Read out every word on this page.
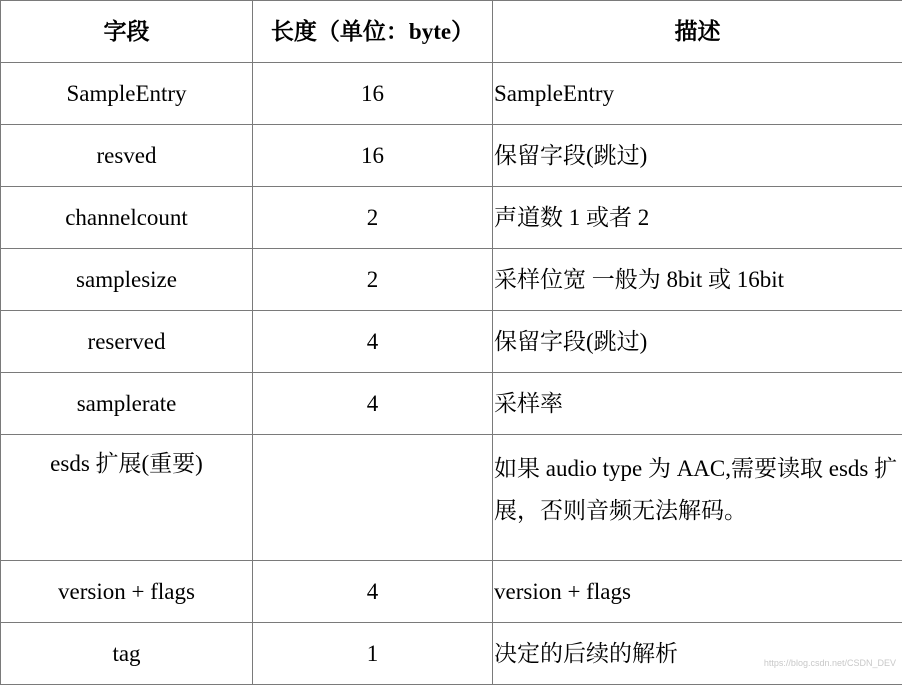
字段	长度（单位：byte）	描述
SampleEntry	16	SampleEntry
resved	16	保留字段(跳过)
channelcount	2	声道数 1 或者 2
samplesize	2	采样位宽 一般为 8bit 或 16bit
reserved	4	保留字段(跳过)
samplerate	4	采样率
esds 扩展(重要)		如果 audio type 为 AAC,需要读取 esds 扩展，否则音频无法解码。
version + flags	4	version + flags
tag	1	决定的后续的解析	https://blog.csdn.net/CSDN_DEV
